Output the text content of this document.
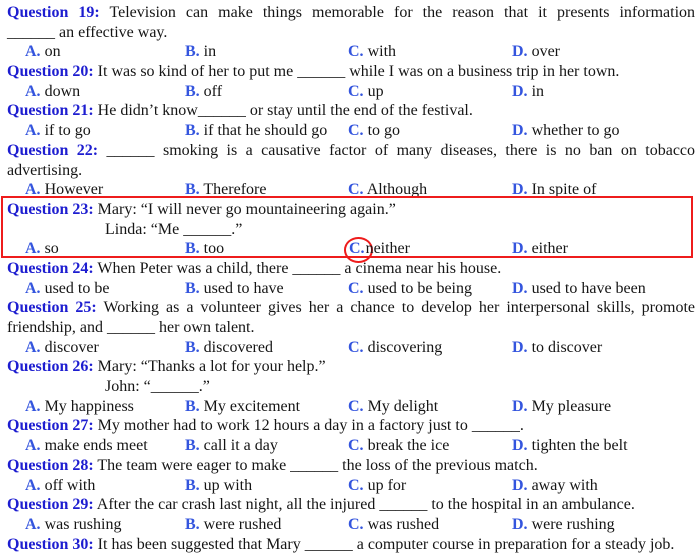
Question 19: Television can make things memorable for the reason that it presents information
______ an effective way.
A. on	B. in	C. with	D. over
Question 20: It was so kind of her to put me ______ while I was on a business trip in her town.
A. down	B. off	C. up	D. in
Question 21: He didn’t know______ or stay until the end of the festival.
A. if to go	B. if that he should go C. to go	D. whether to go
Question 22: ______ smoking is a causative factor of many diseases, there is no ban on tobacco
advertising.
A. However	B. Therefore	C. Although	D. In spite of
Question 23: Mary: “I will never go mountaineering again.”
Linda: “Me ______.”
A. so	B. too	C.neither	D. either
Question 24: When Peter was a child, there ______ a cinema near his house.
A. used to be	B. used to have	C. used to be being	D. used to have been
Question 25: Working as a volunteer gives her a chance to develop her interpersonal skills, promote
friendship, and ______ her own talent.
A. discover	B. discovered	C. discovering	D. to discover
Question 26: Mary: “Thanks a lot for your help.”
John: “______.”
A. My happiness	B. My excitement	C. My delight	D. My pleasure
Question 27: My mother had to work 12 hours a day in a factory just to ______.
A. make ends meet B. call it a day	C. break the ice	D. tighten the belt
Question 28: The team were eager to make ______ the loss of the previous match.
A. off with	B. up with	C. up for	D. away with
Question 29: After the car crash last night, all the injured ______ to the hospital in an ambulance.
A. was rushing	B. were rushed	C. was rushed	D. were rushing
Question 30: It has been suggested that Mary ______ a computer course in preparation for a steady job.
